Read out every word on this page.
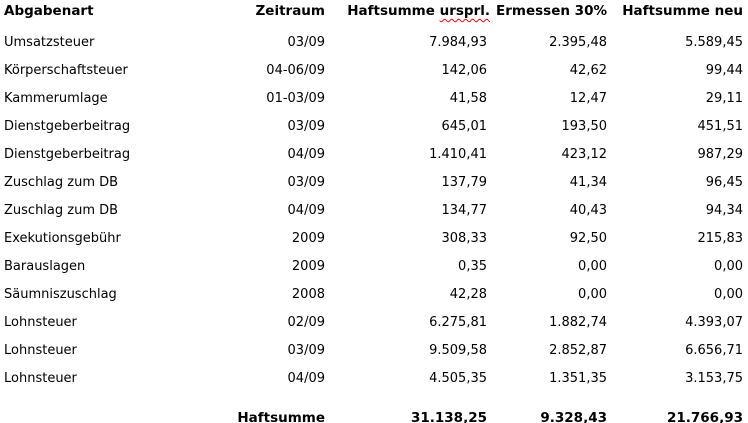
Abgabenart	Zeitraum	Haftsumme ursprl.	Ermessen 30%	Haftsumme neu
Umsatzsteuer	03/09	7.984,93	2.395,48	5.589,45
Körperschaftsteuer	04-06/09	142,06	42,62	99,44
Kammerumlage	01-03/09	41,58	12,47	29,11
Dienstgeberbeitrag	03/09	645,01	193,50	451,51
Dienstgeberbeitrag	04/09	1.410,41	423,12	987,29
Zuschlag zum DB	03/09	137,79	41,34	96,45
Zuschlag zum DB	04/09	134,77	40,43	94,34
Exekutionsgebühr	2009	308,33	92,50	215,83
Barauslagen	2009	0,35	0,00	0,00
Säumniszuschlag	2008	42,28	0,00	0,00
Lohnsteuer	02/09	6.275,81	1.882,74	4.393,07
Lohnsteuer	03/09	9.509,58	2.852,87	6.656,71
Lohnsteuer	04/09	4.505,35	1.351,35	3.153,75
	Haftsumme	31.138,25	9.328,43	21.766,93
